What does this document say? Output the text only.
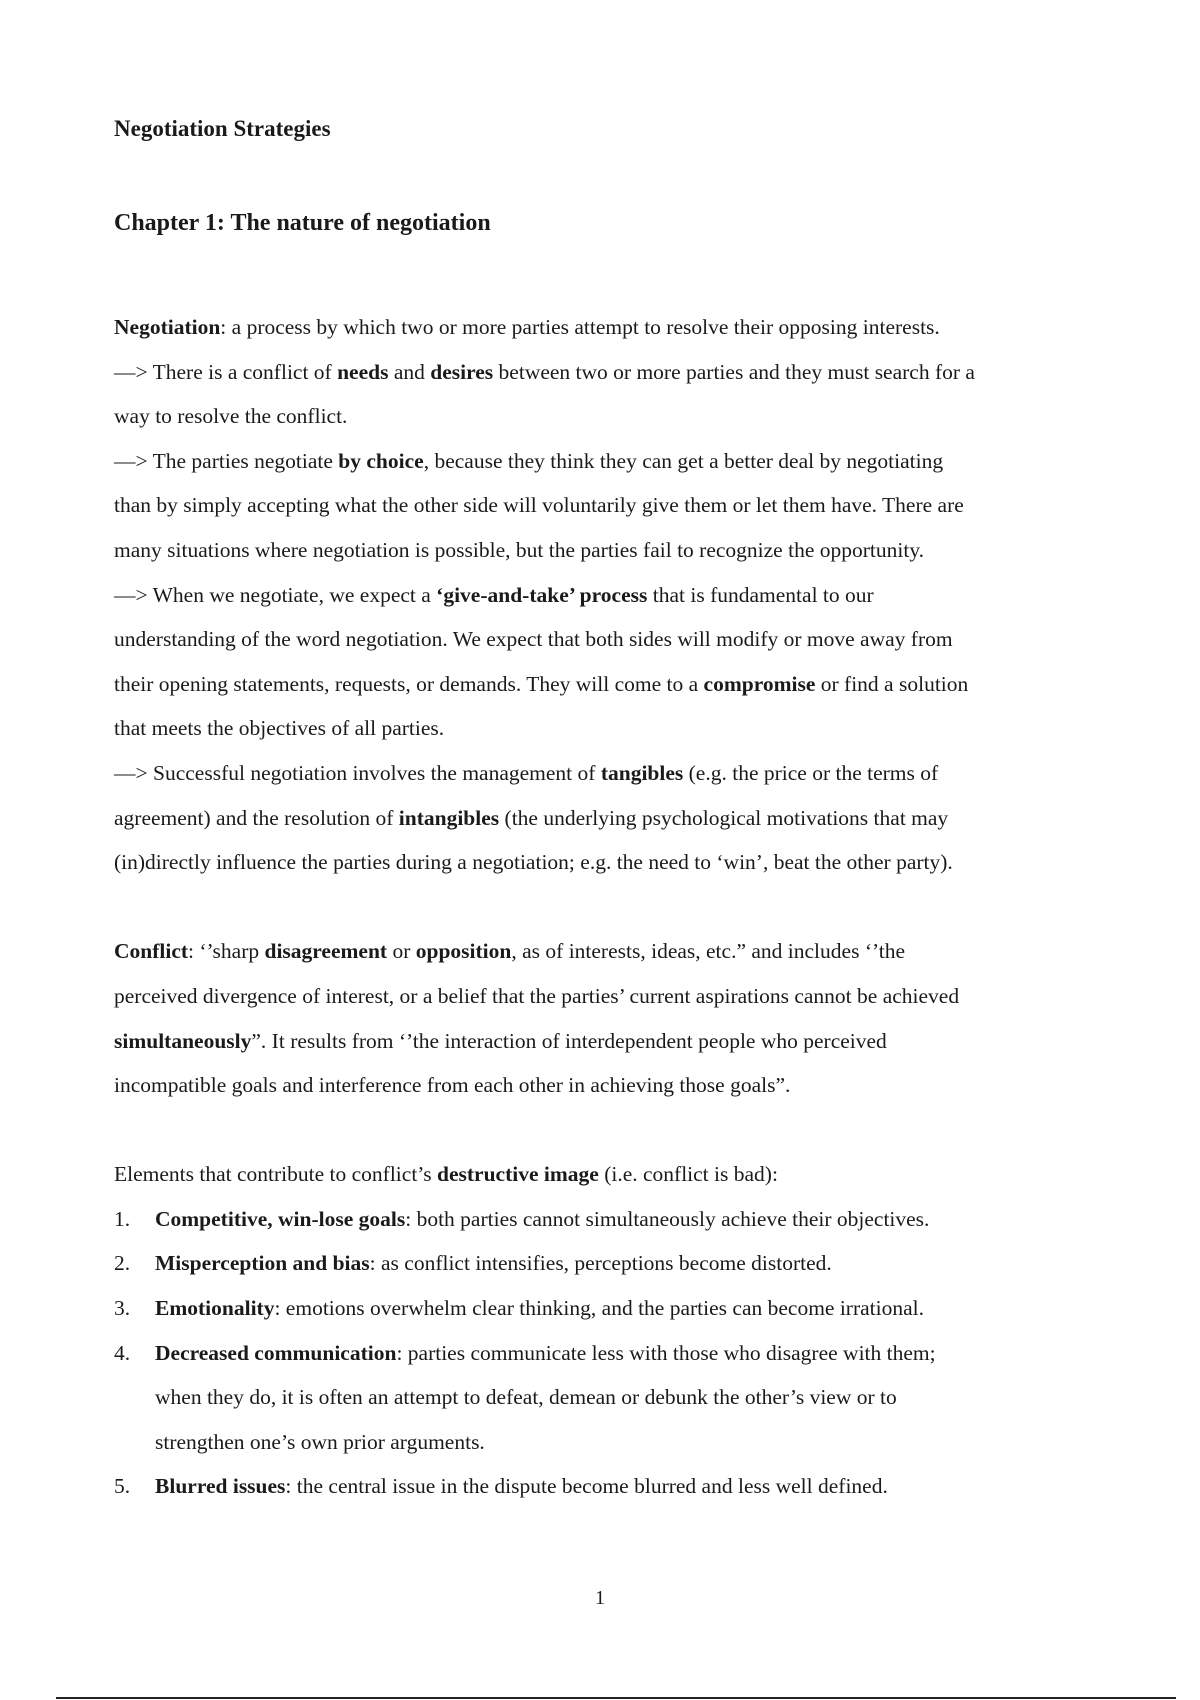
Negotiation Strategies
Chapter 1: The nature of negotiation
Negotiation: a process by which two or more parties attempt to resolve their opposing interests.
—> There is a conflict of needs and desires between two or more parties and they must search for a
way to resolve the conflict.
—> The parties negotiate by choice, because they think they can get a better deal by negotiating
than by simply accepting what the other side will voluntarily give them or let them have. There are
many situations where negotiation is possible, but the parties fail to recognize the opportunity.
—> When we negotiate, we expect a ‘give-and-take’ process that is fundamental to our
understanding of the word negotiation. We expect that both sides will modify or move away from
their opening statements, requests, or demands. They will come to a compromise or find a solution
that meets the objectives of all parties.
—> Successful negotiation involves the management of tangibles (e.g. the price or the terms of
agreement) and the resolution of intangibles (the underlying psychological motivations that may
(in)directly influence the parties during a negotiation; e.g. the need to ‘win’, beat the other party).
Conflict: ‘’sharp disagreement or opposition, as of interests, ideas, etc.” and includes ‘’the
perceived divergence of interest, or a belief that the parties’ current aspirations cannot be achieved
simultaneously”. It results from ‘’the interaction of interdependent people who perceived
incompatible goals and interference from each other in achieving those goals”.
Elements that contribute to conflict’s destructive image (i.e. conflict is bad):
1. Competitive, win-lose goals: both parties cannot simultaneously achieve their objectives.
2. Misperception and bias: as conflict intensifies, perceptions become distorted.
3. Emotionality: emotions overwhelm clear thinking, and the parties can become irrational.
4. Decreased communication: parties communicate less with those who disagree with them;
when they do, it is often an attempt to defeat, demean or debunk the other’s view or to
strengthen one’s own prior arguments.
5. Blurred issues: the central issue in the dispute become blurred and less well defined.
1
